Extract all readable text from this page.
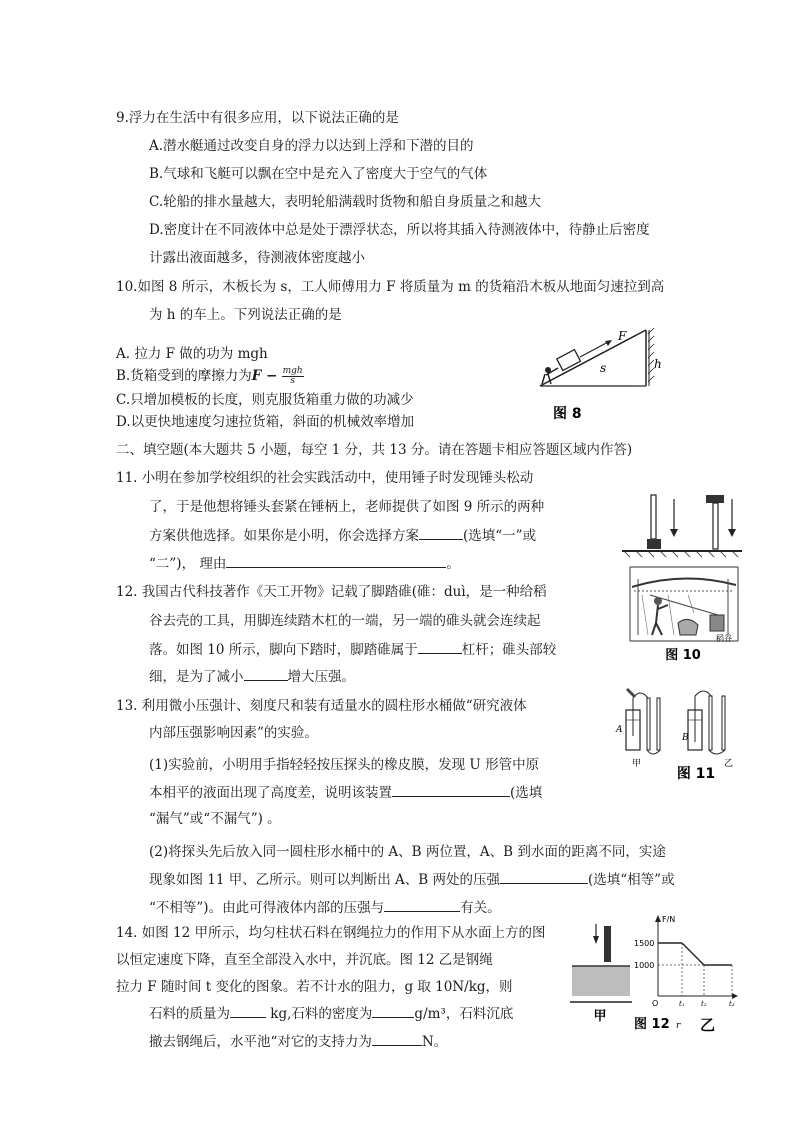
9.浮力在生活中有很多应用，以下说法正确的是
A.潜水艇通过改变自身的浮力以达到上浮和下潜的目的
B.气球和飞艇可以飘在空中是充入了密度大于空气的气体
C.轮船的排水量越大，表明轮船满载时货物和船自身质量之和越大
D.密度计在不同液体中总是处于漂浮状态，所以将其插入待测液体中，待静止后密度
计露出液面越多，待测液体密度越小
10.如图 8 所示，木板长为 s，工人师傅用力 F 将质量为 m 的货箱沿木板从地面匀速拉到高
为 h 的车上。下列说法正确的是
A. 拉力 F 做的功为 mgh
B.货箱受到的摩擦力为$F - \frac{\text{mgh}}{s}$
C.只增加模板的长度，则克服货箱重力做的功减少
D.以更快地速度匀速拉货箱，斜面的机械效率增加
F
s	h
图 8
二、填空题(本大题共 5 小题，每空 1 分，共 13 分。请在答题卡相应答题区域内作答)
11. 小明在参加学校组织的社会实践活动中，使用锤子时发现锤头松动
了，于是他想将锤头套紧在锤柄上，老师提供了如图 9 所示的两种
方案供他选择。如果你是小明，你会选择方案	(选填“一”或
“二”)， 理由	。
12. 我国古代科技著作《天工开物》记载了脚踏碓(碓：duì，是一种给稻
谷去壳的工具，用脚连续踏木杠的一端，另一端的碓头就会连续起
落。如图 10 所示，脚向下踏时，脚踏碓属于	杠杆；碓头部较
细，是为了减小	增大压强。
稻谷
图 10
13. 利用微小压强计、刻度尺和装有适量水的圆柱形水桶做“研究液体
内部压强影响因素”的实验。
(1)实验前，小明用手指轻轻按压探头的橡皮膜，发现 U 形管中原
本相平的液面出现了高度差，说明该装置	(选填
“漏气”或“不漏气”) 。
(2)将探头先后放入同一圆柱形水桶中的 A、B 两位置，A、B 到水面的距离不同，实途
现象如图 11 甲、乙所示。则可以判断出 A、B 两处的压强	(选填“相等”或
“不相等”)。由此可得液体内部的压强与	有关。
A
甲
B
乙
图 11
14. 如图 12 甲所示，均匀柱状石料在钢绳拉力的作用下从水面上方的图
以恒定速度下降，直至全部没入水中，并沉底。图 12 乙是钢绳
拉力 F 随时间 t 变化的图象。若不计水的阻力，g 取 10N/kg，则
石料的质量为	kg,石料的密度为	g/m³，石料沉底
撤去钢绳后，水平池“对它的支持力为	N。
甲
F/N
1500
1000
O	t₁ t₂	t₃
图 12 r 乙
